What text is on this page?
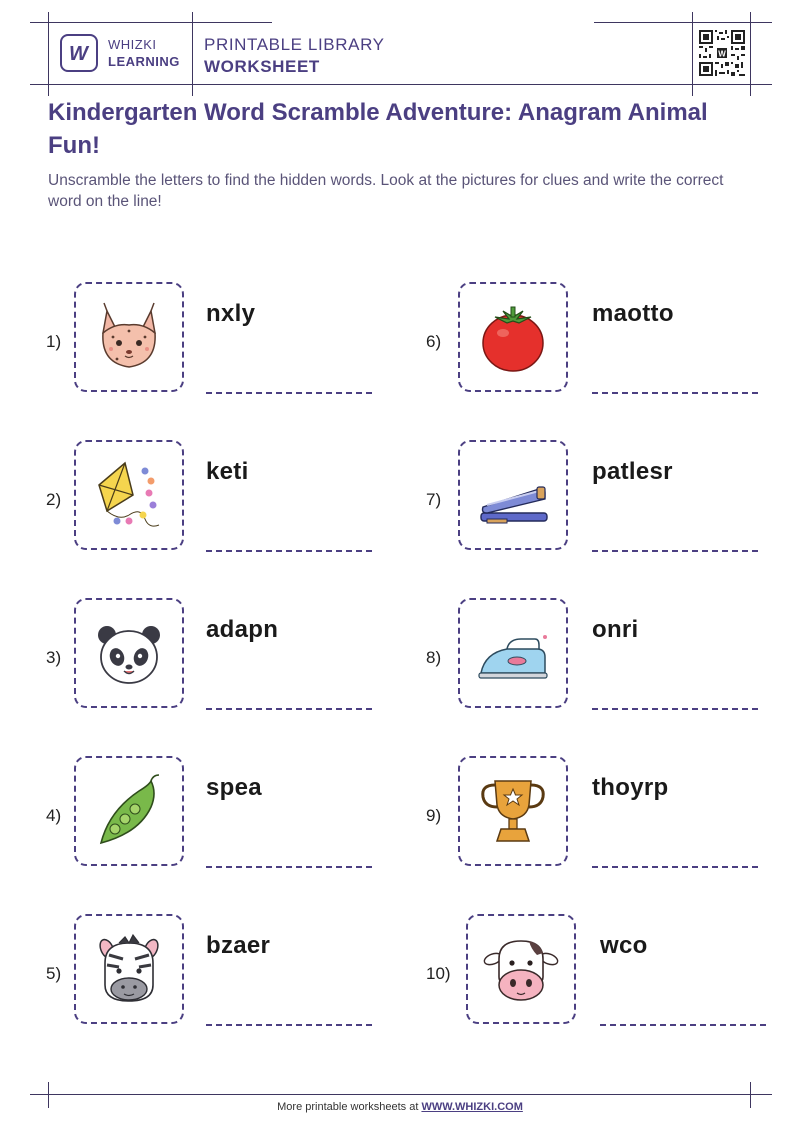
W WHIZKI
LEARNING
PRINTABLE LIBRARY
WORKSHEET
W
Kindergarten Word Scramble Adventure: Anagram Animal Fun!

Unscramble the letters to find the hidden words. Look at the pictures for clues and write the correct word on the line!

1)
nxly
2)
keti
3)
adapn
4)
spea
5)
bzaer
6)
maotto
7)
patlesr
8)
onri
9)
thoyrp
10)
wco
More printable worksheets at WWW.WHIZKI.COM
